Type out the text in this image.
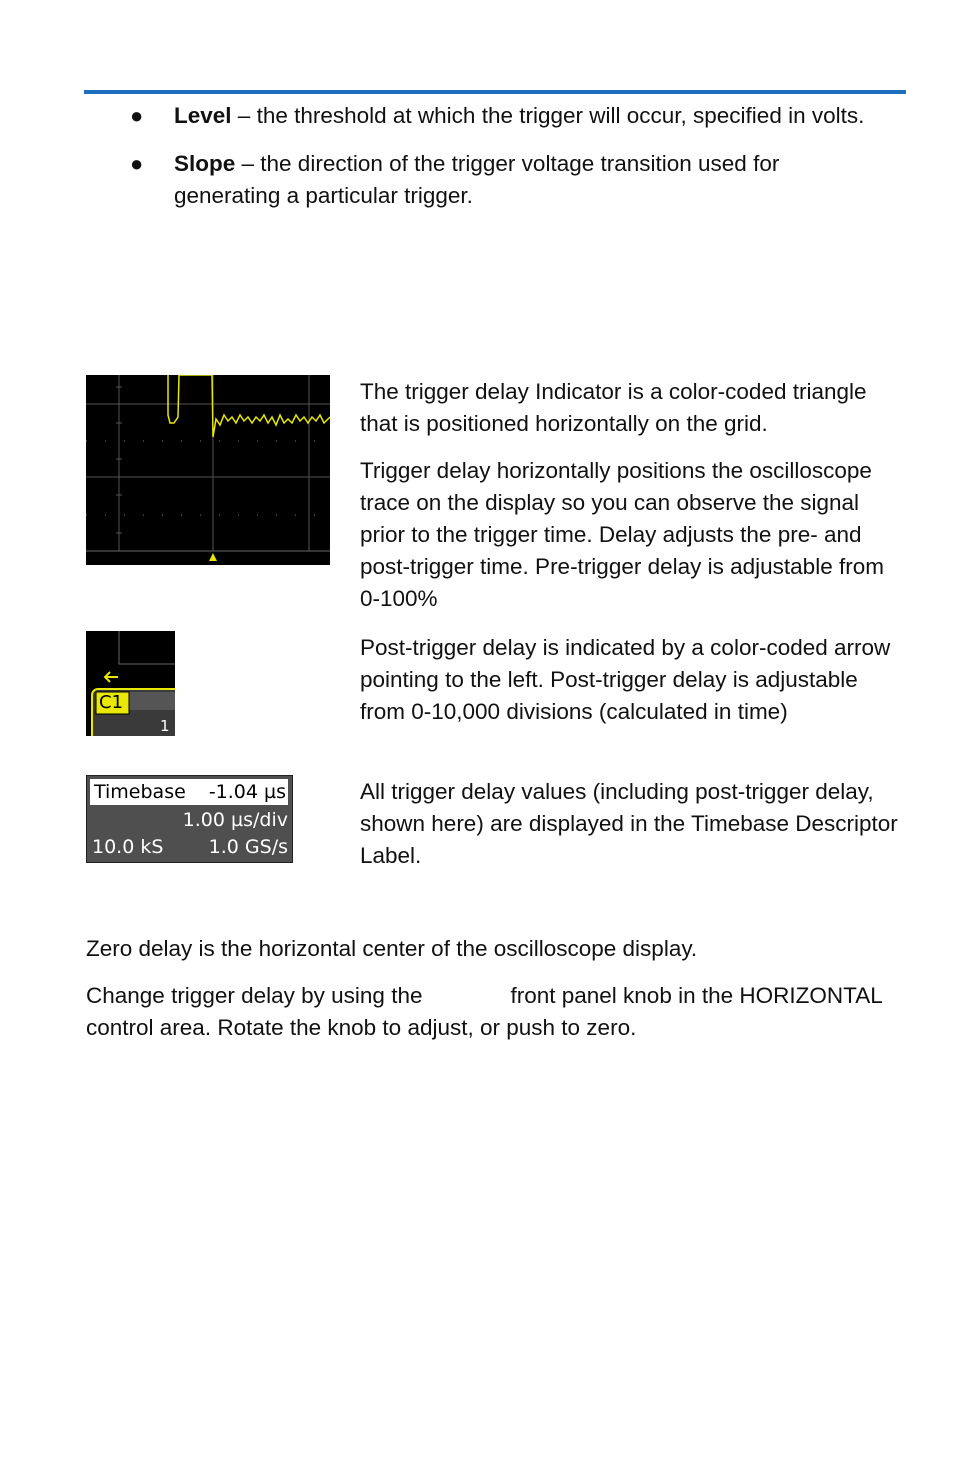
● Level – the threshold at which the trigger will occur, specified in volts.
● Slope – the direction of the trigger voltage transition used for generating a particular trigger.

The trigger delay Indicator is a color-coded triangle that is positioned horizontally on the grid.

Trigger delay horizontally positions the oscilloscope trace on the display so you can observe the signal prior to the trigger time. Delay adjusts the pre- and post-trigger time. Pre-trigger delay is adjustable from 0-100%

C1
1

Post-trigger delay is indicated by a color-coded arrow pointing to the left. Post-trigger delay is adjustable from 0-10,000 divisions (calculated in time)

Timebase -1.04 µs
1.00 µs/div
10.0 kS 1.0 GS/s

All trigger delay values (including post-trigger delay, shown here) are displayed in the Timebase Descriptor Label.

Zero delay is the horizontal center of the oscilloscope display.

Change trigger delay by using the	front panel knob in the HORIZONTAL control area. Rotate the knob to adjust, or push to zero.
